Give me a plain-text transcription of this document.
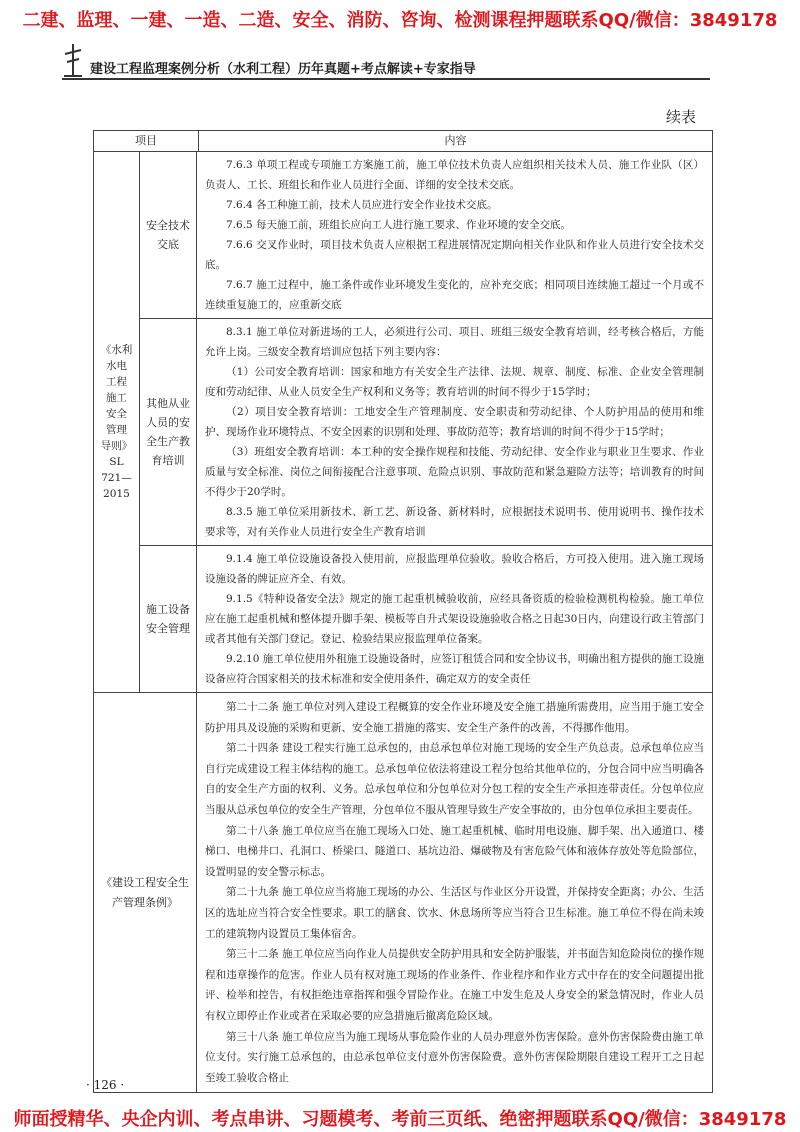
二建、监理、一建、一造、二造、安全、消防、咨询、检测课程押题联系QQ/微信：3849178
建设工程监理案例分析（水利工程）历年真题+考点解读+专家指导
续表
项目	内容
《水利
水电
工程
施工
安全
管理
导则》
SL
721—
2015
安全技术交底

7.6.3 单项工程或专项施工方案施工前，施工单位技术负责人应组织相关技术人员、施工作业队（区）负责人、工长、班组长和作业人员进行全面、详细的安全技术交底。

7.6.4 各工种施工前，技术人员应进行安全作业技术交底。

7.6.5 每天施工前，班组长应向工人进行施工要求、作业环境的安全交底。

7.6.6 交叉作业时，项目技术负责人应根据工程进展情况定期向相关作业队和作业人员进行安全技术交底。

7.6.7 施工过程中，施工条件或作业环境发生变化的，应补充交底；相同项目连续施工超过一个月或不连续重复施工的，应重新交底

其他从业人员的安全生产教育培训

8.3.1 施工单位对新进场的工人，必须进行公司、项目、班组三级安全教育培训，经考核合格后，方能允许上岗。三级安全教育培训应包括下列主要内容：

（1）公司安全教育培训：国家和地方有关安全生产法律、法规、规章、制度、标准、企业安全管理制度和劳动纪律、从业人员安全生产权利和义务等；教育培训的时间不得少于15学时；

（2）项目安全教育培训：工地安全生产管理制度、安全职责和劳动纪律、个人防护用品的使用和维护、现场作业环境特点、不安全因素的识别和处理、事故防范等；教育培训的时间不得少于15学时；

（3）班组安全教育培训：本工种的安全操作规程和技能、劳动纪律、安全作业与职业卫生要求、作业质量与安全标准、岗位之间衔接配合注意事项、危险点识别、事故防范和紧急避险方法等；培训教育的时间不得少于20学时。

8.3.5 施工单位采用新技术、新工艺、新设备、新材料时，应根据技术说明书、使用说明书、操作技术要求等，对有关作业人员进行安全生产教育培训

施工设备安全管理

9.1.4 施工单位设施设备投入使用前，应报监理单位验收。验收合格后，方可投入使用。进入施工现场设施设备的牌证应齐全、有效。

9.1.5《特种设备安全法》规定的施工起重机械验收前，应经具备资质的检验检测机构检验。施工单位应在施工起重机械和整体提升脚手架、模板等自升式架设设施验收合格之日起30日内，向建设行政主管部门或者其他有关部门登记。登记、检验结果应报监理单位备案。

9.2.10 施工单位使用外租施工设施设备时，应签订租赁合同和安全协议书，明确出租方提供的施工设施设备应符合国家相关的技术标准和安全使用条件，确定双方的安全责任

《建设工程安全生产管理条例》

第二十二条 施工单位对列入建设工程概算的安全作业环境及安全施工措施所需费用，应当用于施工安全防护用具及设施的采购和更新、安全施工措施的落实、安全生产条件的改善，不得挪作他用。

第二十四条 建设工程实行施工总承包的，由总承包单位对施工现场的安全生产负总责。总承包单位应当自行完成建设工程主体结构的施工。总承包单位依法将建设工程分包给其他单位的，分包合同中应当明确各自的安全生产方面的权利、义务。总承包单位和分包单位对分包工程的安全生产承担连带责任。分包单位应当服从总承包单位的安全生产管理，分包单位不服从管理导致生产安全事故的，由分包单位承担主要责任。

第二十八条 施工单位应当在施工现场入口处、施工起重机械、临时用电设施、脚手架、出入通道口、楼梯口、电梯井口、孔洞口、桥梁口、隧道口、基坑边沿、爆破物及有害危险气体和液体存放处等危险部位，设置明显的安全警示标志。

第二十九条 施工单位应当将施工现场的办公、生活区与作业区分开设置，并保持安全距离；办公、生活区的选址应当符合安全性要求。职工的膳食、饮水、休息场所等应当符合卫生标准。施工单位不得在尚未竣工的建筑物内设置员工集体宿舍。

第三十二条 施工单位应当向作业人员提供安全防护用具和安全防护服装，并书面告知危险岗位的操作规程和违章操作的危害。作业人员有权对施工现场的作业条件、作业程序和作业方式中存在的安全问题提出批评、检举和控告，有权拒绝违章指挥和强令冒险作业。在施工中发生危及人身安全的紧急情况时，作业人员有权立即停止作业或者在采取必要的应急措施后撤离危险区域。

第三十八条 施工单位应当为施工现场从事危险作业的人员办理意外伤害保险。意外伤害保险费由施工单位支付。实行施工总承包的，由总承包单位支付意外伤害保险费。意外伤害保险期限自建设工程开工之日起至竣工验收合格止

· 126 ·
师面授精华、央企内训、考点串讲、习题模考、考前三页纸、绝密押题联系QQ/微信：3849178
